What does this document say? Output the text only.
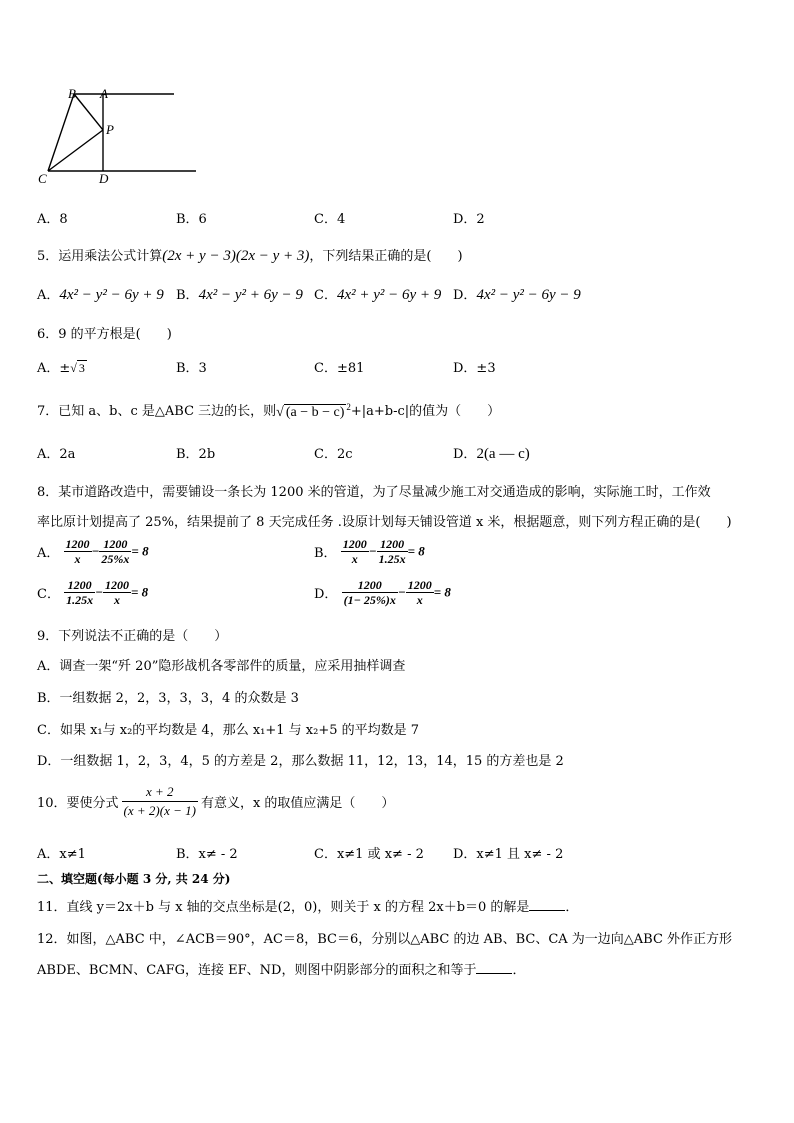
B A
P
C	D
A．8	B．6	C．4	D．2
5．运用乘法公式计算(2x + y − 3)(2x − y + 3)，下列结果正确的是(　　)
A．4x² − y² − 6y + 9 B．4x² − y² + 6y − 9 C．4x² + y² − 6y + 9 D．4x² − y² − 6y − 9
6．9 的平方根是(　　)
A．±√ 3	B．3	C．±81	D．±3
7．已知 a、b、c 是△ABC 三边的长，则√ (a − b − c) $^2$+|a+b-c|的值为（　　）
A．2a	B．2b	C．2c	D．2(a — c)
8．某市道路改造中，需要铺设一条长为 1200 米的管道，为了尽量减少施工对交通造成的影响，实际施工时，工作效
率比原计划提高了 25%，结果提前了 8 天完成任务 .设原计划每天铺设管道 x 米，根据题意，则下列方程正确的是(　　)
A． $\frac{1200}{x} - \frac{1200}{25\%x} = 8$	B． $\frac{1200}{x} - \frac{1200}{1.25x} = 8$
C． $\frac{1200}{1.25x} - \frac{1200}{x} = 8$	D． $\frac{1200}{(1- 25\%)x} - \frac{1200}{x} = 8$
9．下列说法不正确的是（　　）
A．调查一架“歼 20”隐形战机各零部件的质量，应采用抽样调查
B．一组数据 2，2，3，3，3，4 的众数是 3
C．如果 x₁与 x₂的平均数是 4，那么 x₁+1 与 x₂+5 的平均数是 7
D．一组数据 1，2，3，4，5 的方差是 2，那么数据 11，12，13，14，15 的方差也是 2
10．要使分式 $\frac{x + 2}{(x + 2)(x - 1)}$ 有意义，x 的取值应满足（　　）
A．x≠1	B．x≠ - 2	C．x≠1 或 x≠ - 2 D．x≠1 且 x≠ - 2
二、填空题(每小题 3 分, 共 24 分)
11．直线 y＝2x＋b 与 x 轴的交点坐标是(2，0)，则关于 x 的方程 2x＋b＝0 的解是	．
12．如图，△ABC 中，∠ACB＝90°，AC＝8，BC＝6，分别以△ABC 的边 AB、BC、CA 为一边向△ABC 外作正方形
ABDE、BCMN、CAFG，连接 EF、ND，则图中阴影部分的面积之和等于	．
